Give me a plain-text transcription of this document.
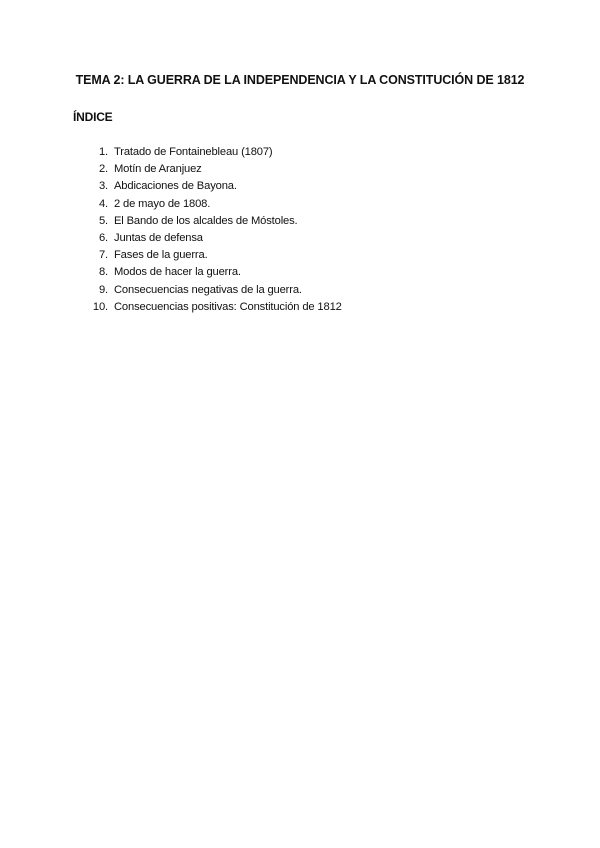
TEMA 2: LA GUERRA DE LA INDEPENDENCIA Y LA CONSTITUCIÓN DE 1812
ÍNDICE
1. Tratado de Fontainebleau (1807)
2. Motín de Aranjuez
3. Abdicaciones de Bayona.
4. 2 de mayo de 1808.
5. El Bando de los alcaldes de Móstoles.
6. Juntas de defensa
7. Fases de la guerra.
8. Modos de hacer la guerra.
9. Consecuencias negativas de la guerra.
10. Consecuencias positivas: Constitución de 1812
